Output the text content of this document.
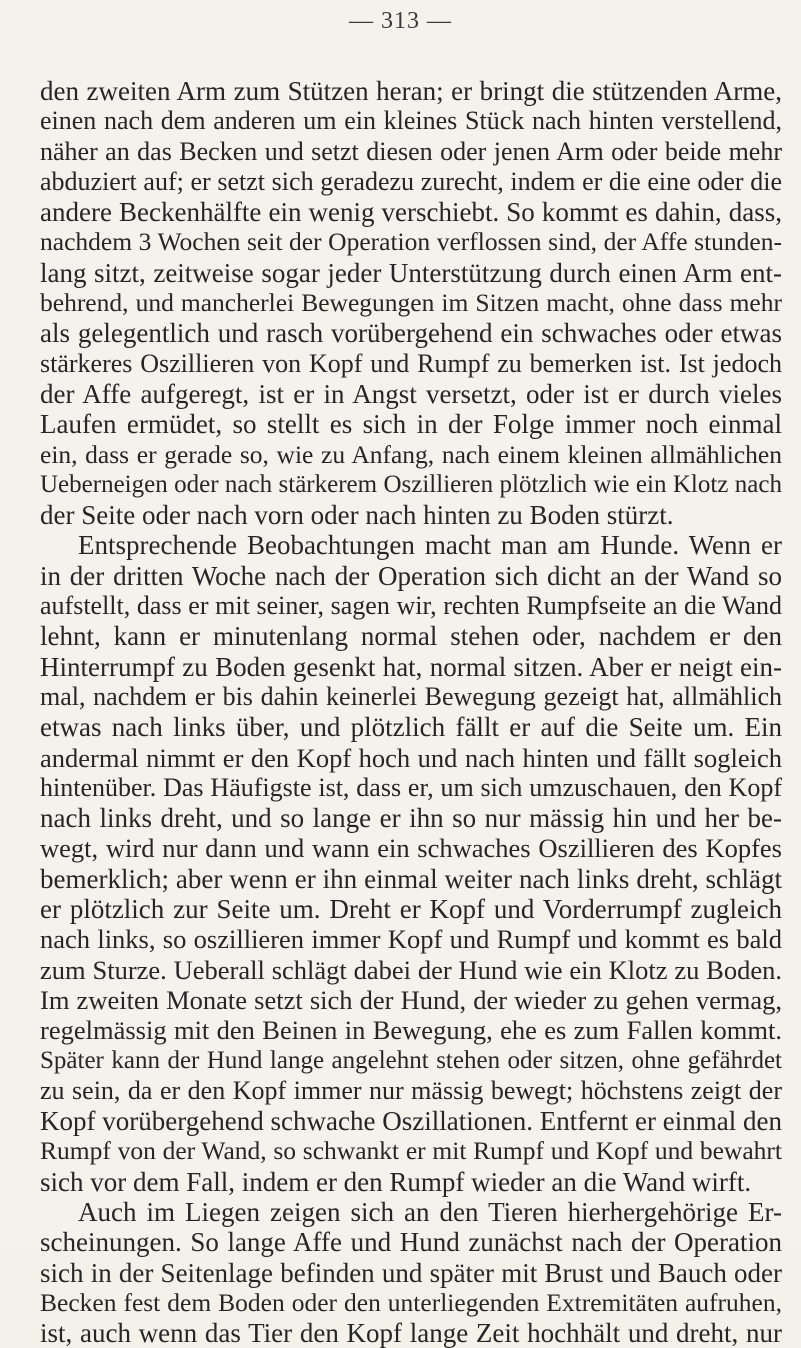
— 313 —
den zweiten Arm zum Stützen heran; er bringt die stützenden Arme,
einen nach dem anderen um ein kleines Stück nach hinten verstellend,
näher an das Becken und setzt diesen oder jenen Arm oder beide mehr
abduziert auf; er setzt sich geradezu zurecht, indem er die eine oder die
andere Beckenhälfte ein wenig verschiebt. So kommt es dahin, dass,
nachdem 3 Wochen seit der Operation verflossen sind, der Affe stunden-
lang sitzt, zeitweise sogar jeder Unterstützung durch einen Arm ent-
behrend, und mancherlei Bewegungen im Sitzen macht, ohne dass mehr
als gelegentlich und rasch vorübergehend ein schwaches oder etwas
stärkeres Oszillieren von Kopf und Rumpf zu bemerken ist. Ist jedoch
der Affe aufgeregt, ist er in Angst versetzt, oder ist er durch vieles
Laufen ermüdet, so stellt es sich in der Folge immer noch einmal
ein, dass er gerade so, wie zu Anfang, nach einem kleinen allmählichen
Ueberneigen oder nach stärkerem Oszillieren plötzlich wie ein Klotz nach
der Seite oder nach vorn oder nach hinten zu Boden stürzt.
Entsprechende Beobachtungen macht man am Hunde. Wenn er
in der dritten Woche nach der Operation sich dicht an der Wand so
aufstellt, dass er mit seiner, sagen wir, rechten Rumpfseite an die Wand
lehnt, kann er minutenlang normal stehen oder, nachdem er den
Hinterrumpf zu Boden gesenkt hat, normal sitzen. Aber er neigt ein-
mal, nachdem er bis dahin keinerlei Bewegung gezeigt hat, allmählich
etwas nach links über, und plötzlich fällt er auf die Seite um. Ein
andermal nimmt er den Kopf hoch und nach hinten und fällt sogleich
hintenüber. Das Häufigste ist, dass er, um sich umzuschauen, den Kopf
nach links dreht, und so lange er ihn so nur mässig hin und her be-
wegt, wird nur dann und wann ein schwaches Oszillieren des Kopfes
bemerklich; aber wenn er ihn einmal weiter nach links dreht, schlägt
er plötzlich zur Seite um. Dreht er Kopf und Vorderrumpf zugleich
nach links, so oszillieren immer Kopf und Rumpf und kommt es bald
zum Sturze. Ueberall schlägt dabei der Hund wie ein Klotz zu Boden.
Im zweiten Monate setzt sich der Hund, der wieder zu gehen vermag,
regelmässig mit den Beinen in Bewegung, ehe es zum Fallen kommt.
Später kann der Hund lange angelehnt stehen oder sitzen, ohne gefährdet
zu sein, da er den Kopf immer nur mässig bewegt; höchstens zeigt der
Kopf vorübergehend schwache Oszillationen. Entfernt er einmal den
Rumpf von der Wand, so schwankt er mit Rumpf und Kopf und bewahrt
sich vor dem Fall, indem er den Rumpf wieder an die Wand wirft.
Auch im Liegen zeigen sich an den Tieren hierhergehörige Er-
scheinungen. So lange Affe und Hund zunächst nach der Operation
sich in der Seitenlage befinden und später mit Brust und Bauch oder
Becken fest dem Boden oder den unterliegenden Extremitäten aufruhen,
ist, auch wenn das Tier den Kopf lange Zeit hochhält und dreht, nur
